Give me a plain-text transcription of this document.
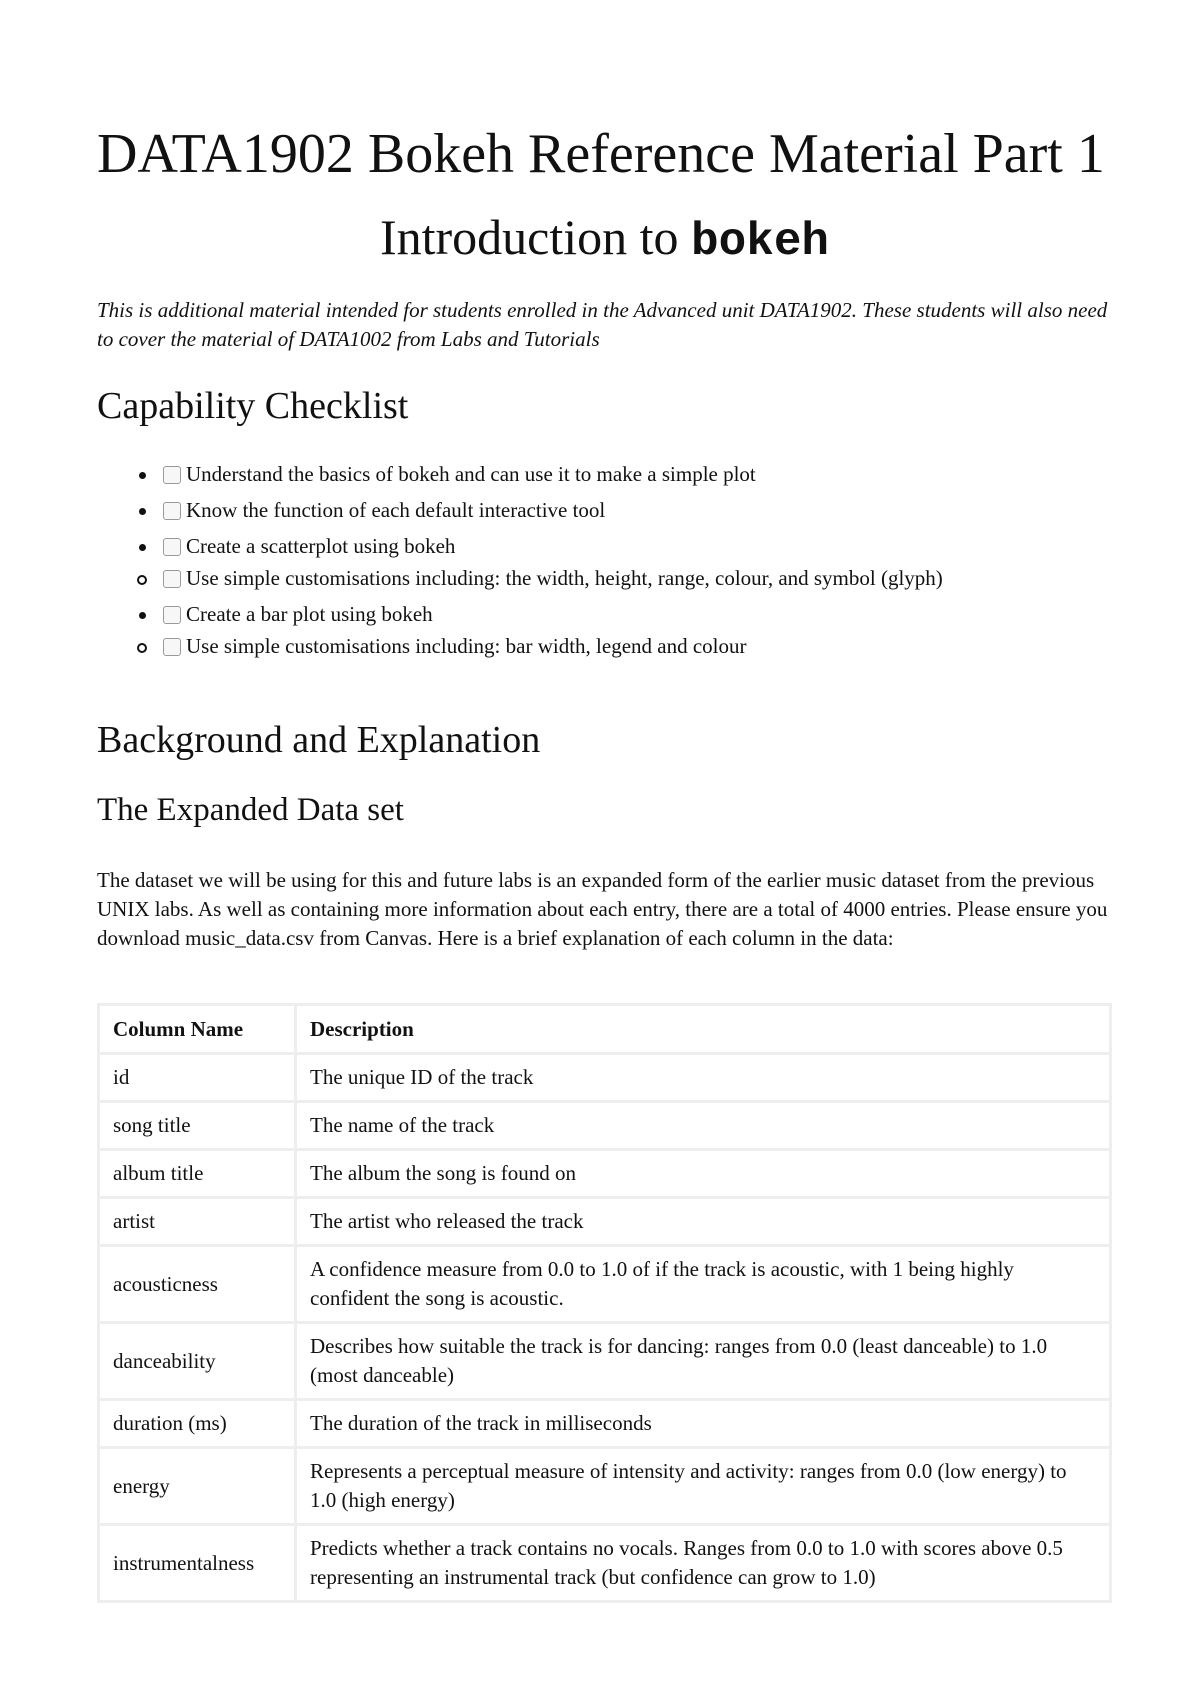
DATA1902 Bokeh Reference Material Part 1
Introduction to bokeh

This is additional material intended for students enrolled in the Advanced unit DATA1902. These students will also need to cover the material of DATA1002 from Labs and Tutorials

Capability Checklist
Understand the basics of bokeh and can use it to make a simple plot
Know the function of each default interactive tool
Create a scatterplot using bokeh
Use simple customisations including: the width, height, range, colour, and symbol (glyph)
Create a bar plot using bokeh
Use simple customisations including: bar width, legend and colour
Background and Explanation
The Expanded Data set

The dataset we will be using for this and future labs is an expanded form of the earlier music dataset from the previous UNIX labs. As well as containing more information about each entry, there are a total of 4000 entries. Please ensure you download music_data.csv from Canvas. Here is a brief explanation of each column in the data:

Column Name	Description
id	The unique ID of the track
song title	The name of the track
album title	The album the song is found on
artist	The artist who released the track
acousticness	A confidence measure from 0.0 to 1.0 of if the track is acoustic, with 1 being highly confident the song is acoustic.
danceability	Describes how suitable the track is for dancing: ranges from 0.0 (least danceable) to 1.0 (most danceable)
duration (ms)	The duration of the track in milliseconds
energy	Represents a perceptual measure of intensity and activity: ranges from 0.0 (low energy) to 1.0 (high energy)
instrumentalness	Predicts whether a track contains no vocals. Ranges from 0.0 to 1.0 with scores above 0.5 representing an instrumental track (but confidence can grow to 1.0)
